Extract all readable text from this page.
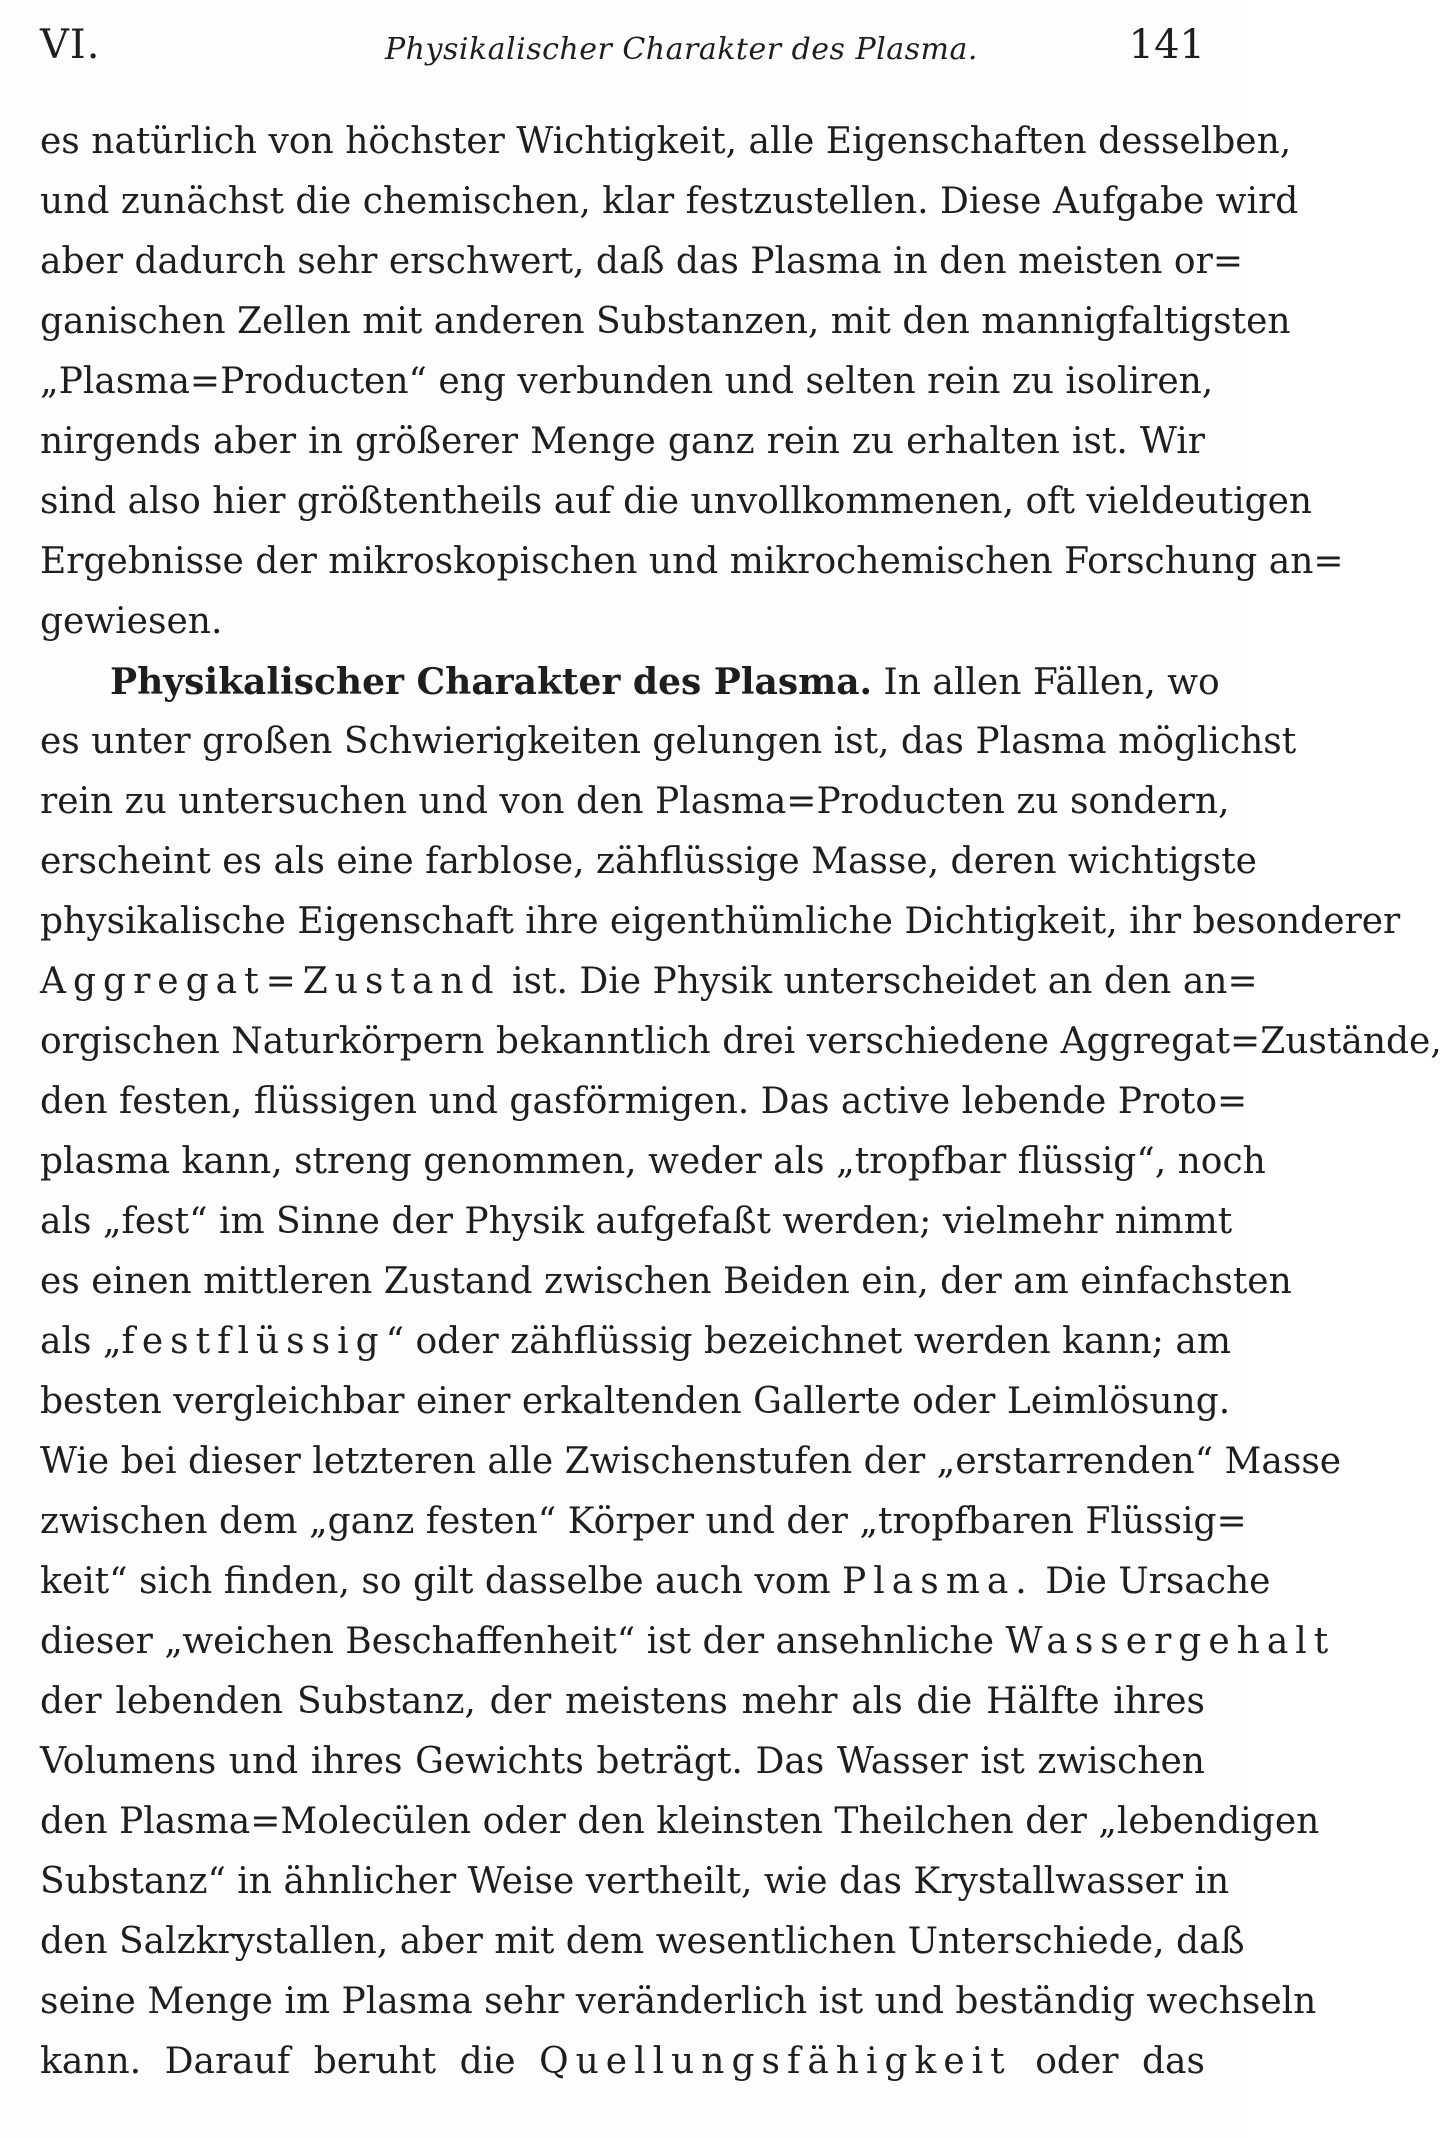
VI.	Physikalischer Charakter des Plasma.	141
es natürlich von höchster Wichtigkeit, alle Eigenschaften desselben,
und zunächst die chemischen, klar festzustellen. Diese Aufgabe wird
aber dadurch sehr erschwert, daß das Plasma in den meisten or=
ganischen Zellen mit anderen Substanzen, mit den mannigfaltigsten
„Plasma=Producten“ eng verbunden und selten rein zu isoliren,
nirgends aber in größerer Menge ganz rein zu erhalten ist. Wir
sind also hier größtentheils auf die unvollkommenen, oft vieldeutigen
Ergebnisse der mikroskopischen und mikrochemischen Forschung an=
gewiesen.
Physikalischer Charakter des Plasma. In allen Fällen, wo
es unter großen Schwierigkeiten gelungen ist, das Plasma möglichst
rein zu untersuchen und von den Plasma=Producten zu sondern,
erscheint es als eine farblose, zähflüssige Masse, deren wichtigste
physikalische Eigenschaft ihre eigenthümliche Dichtigkeit, ihr besonderer
Aggregat=Zustand ist. Die Physik unterscheidet an den an=
orgischen Naturkörpern bekanntlich drei verschiedene Aggregat=Zustände,
den festen, flüssigen und gasförmigen. Das active lebende Proto=
plasma kann, streng genommen, weder als „tropfbar flüssig“, noch
als „fest“ im Sinne der Physik aufgefaßt werden; vielmehr nimmt
es einen mittleren Zustand zwischen Beiden ein, der am einfachsten
als „festflüssig“ oder zähflüssig bezeichnet werden kann; am
besten vergleichbar einer erkaltenden Gallerte oder Leimlösung.
Wie bei dieser letzteren alle Zwischenstufen der „erstarrenden“ Masse
zwischen dem „ganz festen“ Körper und der „tropfbaren Flüssig=
keit“ sich finden, so gilt dasselbe auch vom Plasma. Die Ursache
dieser „weichen Beschaffenheit“ ist der ansehnliche Wassergehalt
der lebenden Substanz, der meistens mehr als die Hälfte ihres
Volumens und ihres Gewichts beträgt. Das Wasser ist zwischen
den Plasma=Molecülen oder den kleinsten Theilchen der „lebendigen
Substanz“ in ähnlicher Weise vertheilt, wie das Krystallwasser in
den Salzkrystallen, aber mit dem wesentlichen Unterschiede, daß
seine Menge im Plasma sehr veränderlich ist und beständig wechseln
kann. Darauf beruht die Quellungsfähigkeit oder das
